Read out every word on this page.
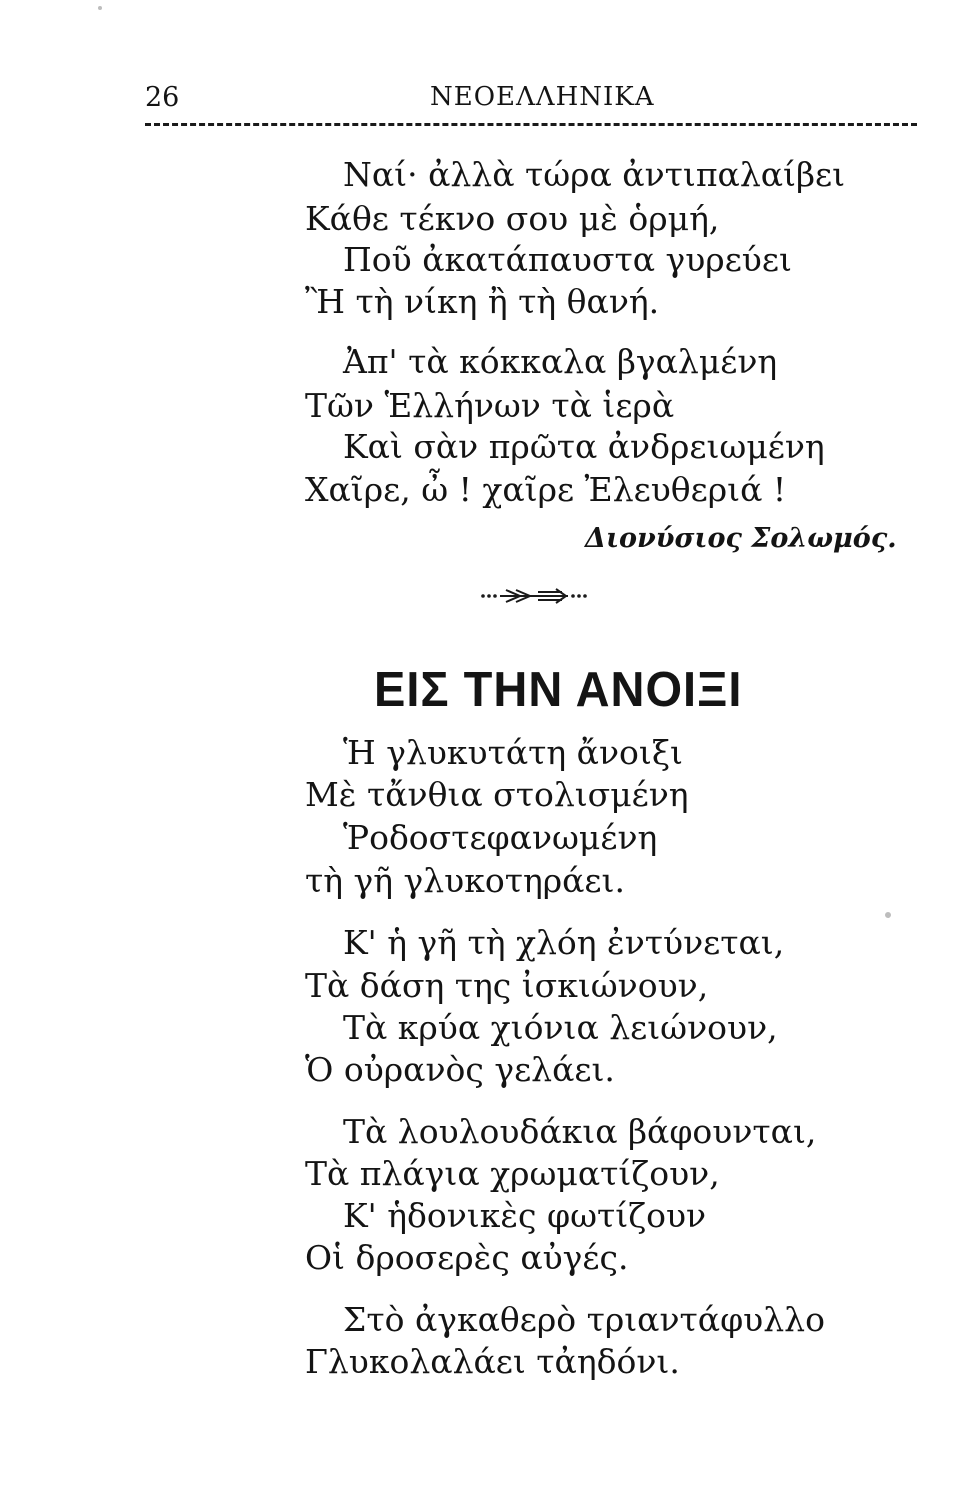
26	ΝΕΟΕΛΛΗΝΙΚΑ
Ναί· ἀλλὰ τώρα ἀντιπαλαίβει
Κάθε τέκνο σου μὲ ὁρμή,
Ποῦ ἀκατάπαυστα γυρεύει
Ἢ τὴ νίκη ἢ τὴ θανή.
Ἀπ' τὰ κόκκαλα βγαλμένη
Τῶν Ἑλλήνων τὰ ἱερὰ
Καὶ σὰν πρῶτα ἀνδρειωμένη
Χαῖρε, ὦ ! χαῖρε Ἐλευθεριά !
Διονύσιος Σολωμός.
ΕΙΣ ΤΗΝ ΑΝΟΙΞΙ
Ἡ γλυκυτάτη ἄνοιξι
Μὲ τἄνθια στολισμένη
Ῥοδοστεφανωμένη
τὴ γῆ γλυκοτηράει.
Κ' ἡ γῆ τὴ χλόη ἐντύνεται,
Τὰ δάση της ἰσκιώνουν,
Τὰ κρύα χιόνια λειώνουν,
Ὁ οὐρανὸς γελάει.
Τὰ λουλουδάκια βάφουνται,
Τὰ πλάγια χρωματίζουν,
Κ' ἡδονικὲς φωτίζουν
Οἱ δροσερὲς αὐγές.
Στὸ ἀγκαθερὸ τριαντάφυλλο
Γλυκολαλάει τἀηδόνι.
